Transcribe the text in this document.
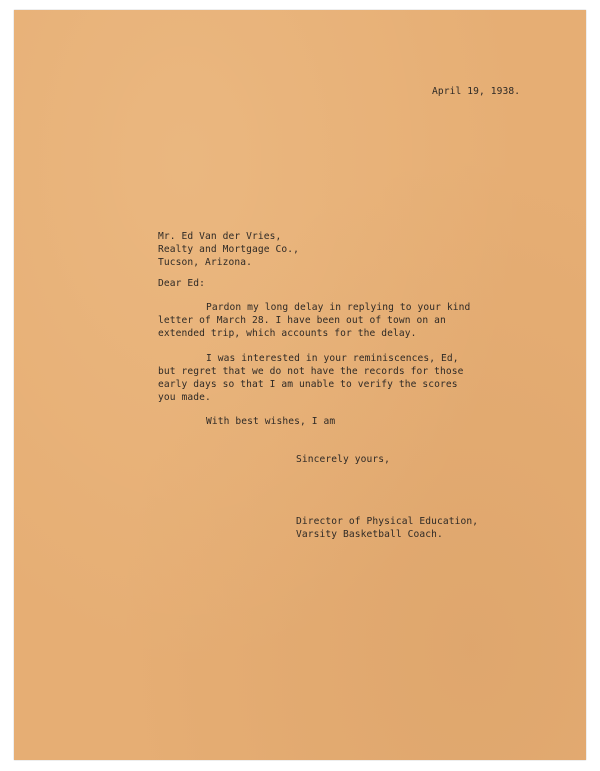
April 19, 1938.
Mr. Ed Van der Vries,
Realty and Mortgage Co.,
Tucson, Arizona.
Dear Ed:
Pardon my long delay in replying to your kind
letter of March 28. I have been out of town on an
extended trip, which accounts for the delay.
I was interested in your reminiscences, Ed,
but regret that we do not have the records for those
early days so that I am unable to verify the scores
you made.
With best wishes, I am
Sincerely yours,
Director of Physical Education,
Varsity Basketball Coach.
